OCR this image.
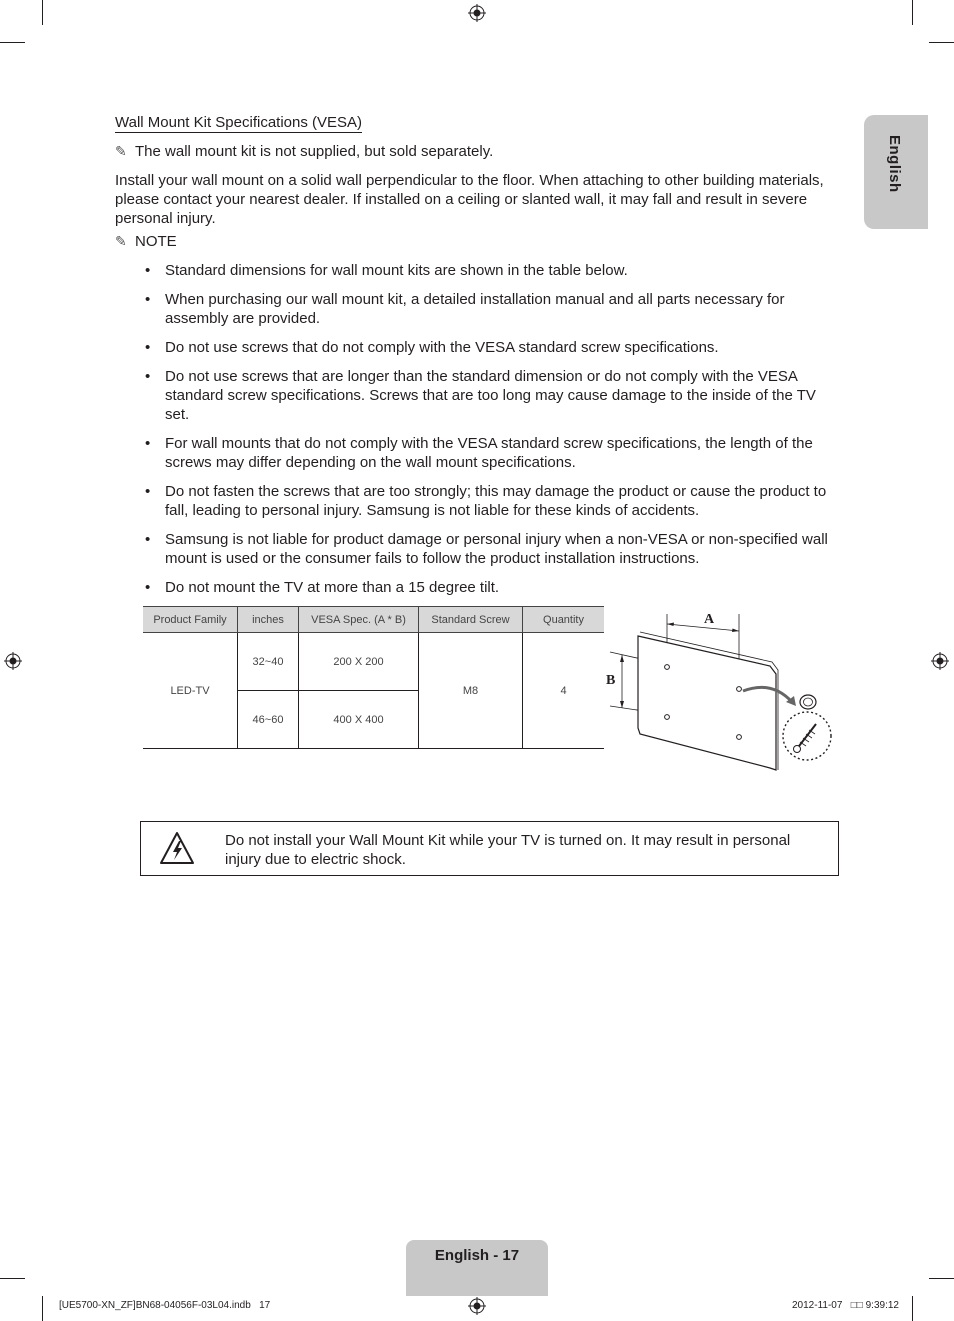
English
Wall Mount Kit Specifications (VESA)
✎ The wall mount kit is not supplied, but sold separately.
Install your wall mount on a solid wall perpendicular to the floor. When attaching to other building materials, please contact your nearest dealer. If installed on a ceiling or slanted wall, it may fall and result in severe personal injury.
✎ NOTE
• Standard dimensions for wall mount kits are shown in the table below.
• When purchasing our wall mount kit, a detailed installation manual and all parts necessary for assembly are provided.
• Do not use screws that do not comply with the VESA standard screw specifications.
• Do not use screws that are longer than the standard dimension or do not comply with the VESA standard screw specifications. Screws that are too long may cause damage to the inside of the TV set.
• For wall mounts that do not comply with the VESA standard screw specifications, the length of the screws may differ depending on the wall mount specifications.
• Do not fasten the screws that are too strongly; this may damage the product or cause the product to fall, leading to personal injury. Samsung is not liable for these kinds of accidents.
• Samsung is not liable for product damage or personal injury when a non-VESA or non-specified wall mount is used or the consumer fails to follow the product installation instructions.
• Do not mount the TV at more than a 15 degree tilt.
Product Family	inches	VESA Spec. (A * B)	Standard Screw	Quantity
LED-TV	32~40	200 X 200	M8	4
	46~60	400 X 400		
A
B
Do not install your Wall Mount Kit while your TV is turned on. It may result in personal injury due to electric shock.
English - 17
[UE5700-XN_ZF]BN68-04056F-03L04.indb   17	2012-11-07   □□ 9:39:12
